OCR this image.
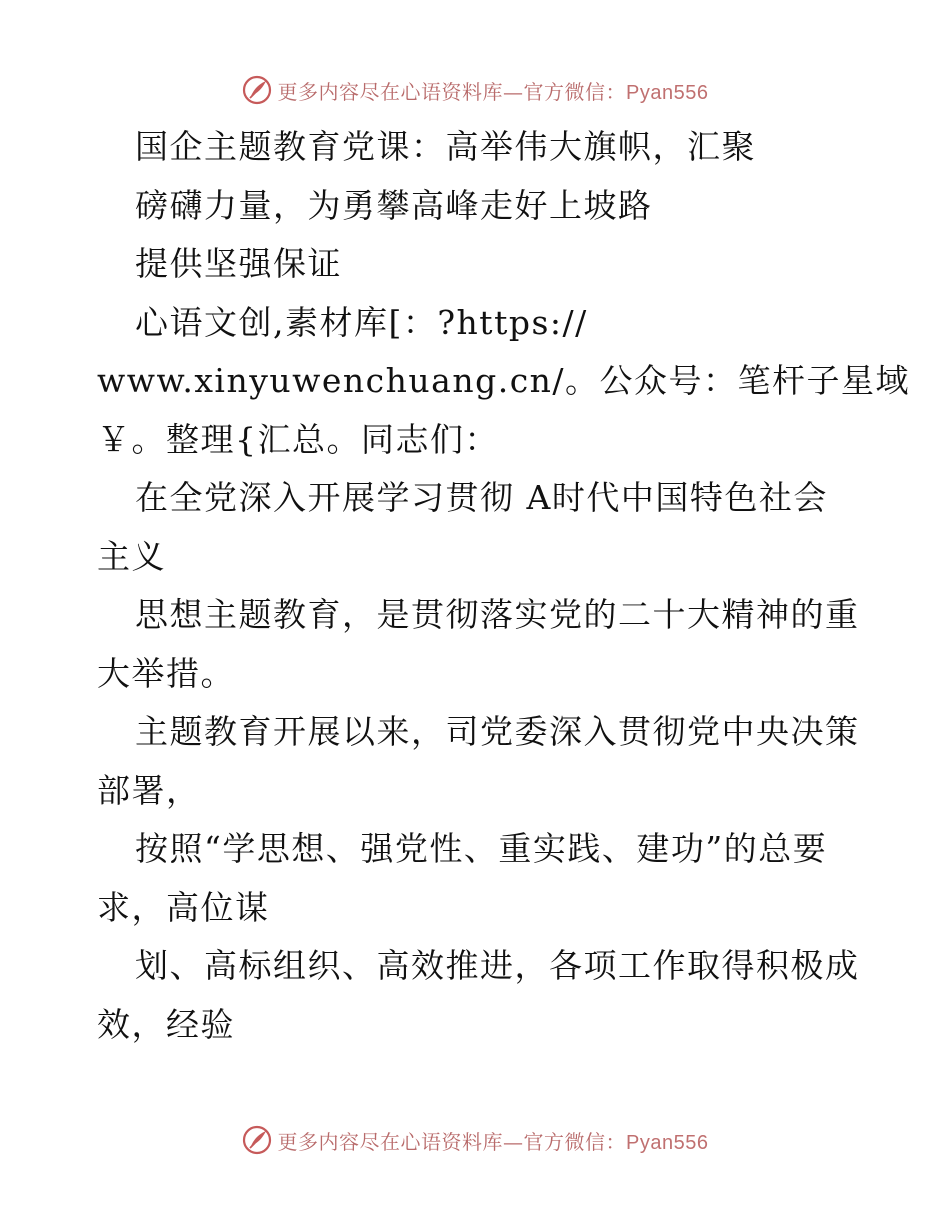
更多内容尽在心语资料库—官方微信：Pyan556
国企主题教育党课：高举伟大旗帜，汇聚
磅礴力量，为勇攀高峰走好上坡路
提供坚强保证
心语文创,素材库[：?https://
www.xinyuwenchuang.cn/。公众号：笔杆子星域
￥。整理{汇总。同志们：
在全党深入开展学习贯彻 A时代中国特色社会
主义
思想主题教育，是贯彻落实党的二十大精神的重
大举措。
主题教育开展以来，司党委深入贯彻党中央决策
部署，
按照“学思想、强党性、重实践、建功”的总要
求，高位谋
划、高标组织、高效推进，各项工作取得积极成
效，经验
更多内容尽在心语资料库—官方微信：Pyan556
